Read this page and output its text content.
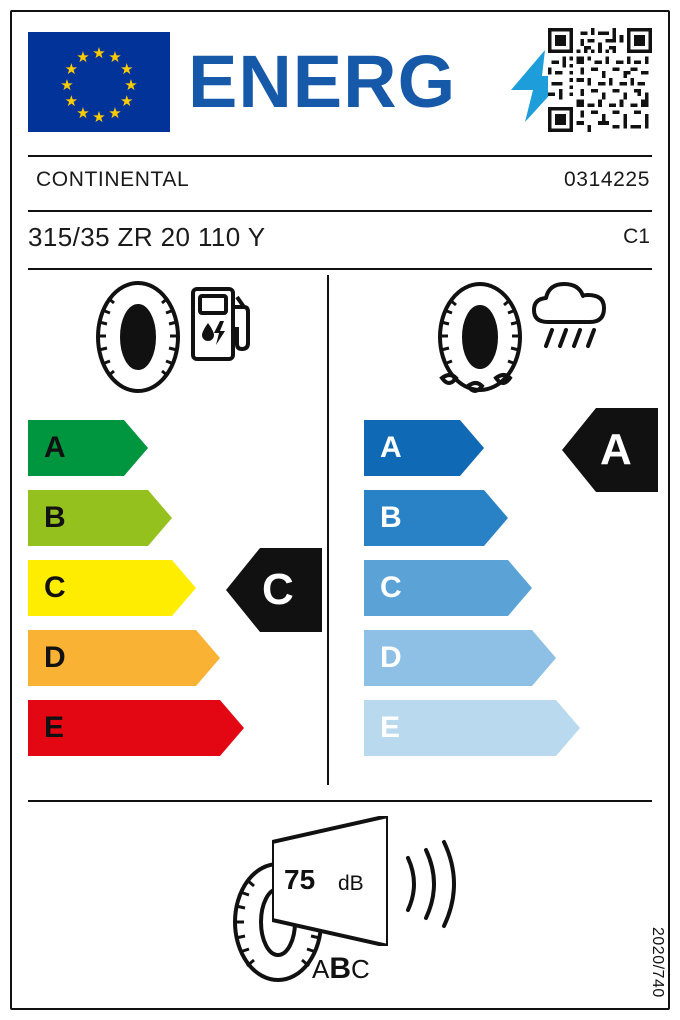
★ ★
★
★
★
★
★
★
★
★
★
★ ENERG
CONTINENTAL	0314225
315/35 ZR 20 110 Y	C1
A
B
C
D
E
C
A
B
C
D
E
A
75 dB
ABC	2020/740
